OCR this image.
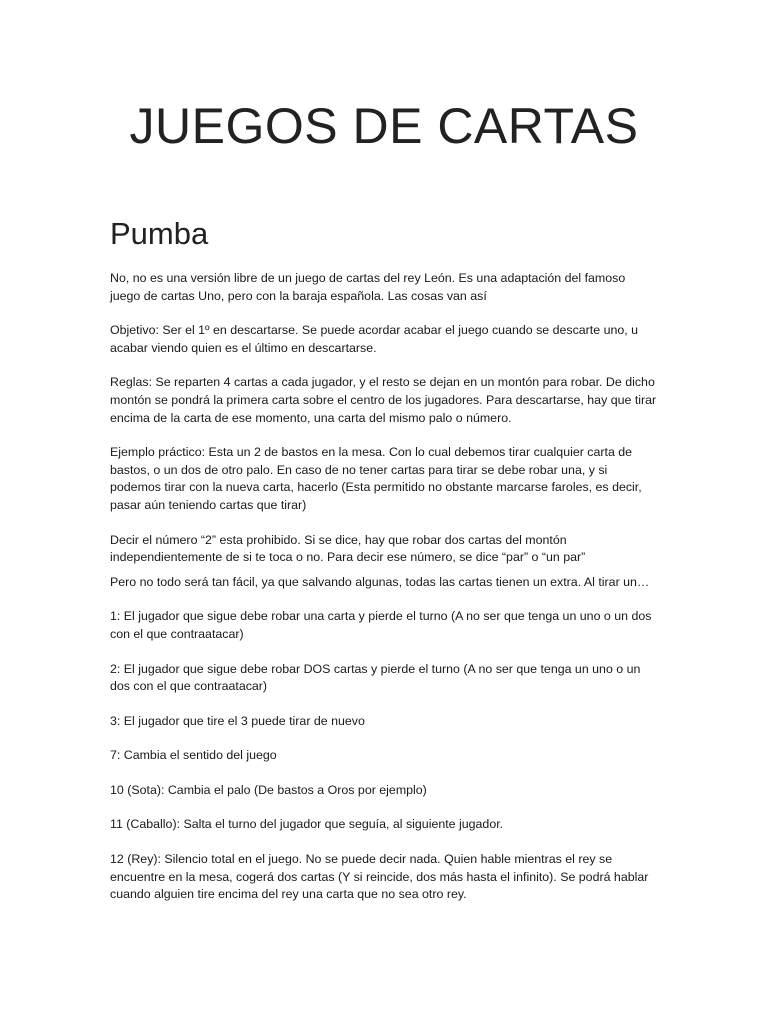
JUEGOS DE CARTAS
Pumba

No, no es una versión libre de un juego de cartas del rey León. Es una adaptación del famoso juego de cartas Uno, pero con la baraja española. Las cosas van así

Objetivo: Ser el 1º en descartarse. Se puede acordar acabar el juego cuando se descarte uno, u acabar viendo quien es el último en descartarse.

Reglas: Se reparten 4 cartas a cada jugador, y el resto se dejan en un montón para robar. De dicho montón se pondrá la primera carta sobre el centro de los jugadores. Para descartarse, hay que tirar encima de la carta de ese momento, una carta del mismo palo o número.

Ejemplo práctico: Esta un 2 de bastos en la mesa. Con lo cual debemos tirar cualquier carta de bastos, o un dos de otro palo. En caso de no tener cartas para tirar se debe robar una, y si podemos tirar con la nueva carta, hacerlo (Esta permitido no obstante marcarse faroles, es decir, pasar aún teniendo cartas que tirar)

Decir el número “2” esta prohibido. Si se dice, hay que robar dos cartas del montón independientemente de si te toca o no. Para decir ese número, se dice “par” o “un par”

Pero no todo será tan fácil, ya que salvando algunas, todas las cartas tienen un extra. Al tirar un…

1: El jugador que sigue debe robar una carta y pierde el turno (A no ser que tenga un uno o un dos con el que contraatacar)

2: El jugador que sigue debe robar DOS cartas y pierde el turno (A no ser que tenga un uno o un dos con el que contraatacar)

3: El jugador que tire el 3 puede tirar de nuevo

7: Cambia el sentido del juego

10 (Sota): Cambia el palo (De bastos a Oros por ejemplo)

11 (Caballo): Salta el turno del jugador que seguía, al siguiente jugador.

12 (Rey): Silencio total en el juego. No se puede decir nada. Quien hable mientras el rey se encuentre en la mesa, cogerá dos cartas (Y si reincide, dos más hasta el infinito). Se podrá hablar cuando alguien tire encima del rey una carta que no sea otro rey.
